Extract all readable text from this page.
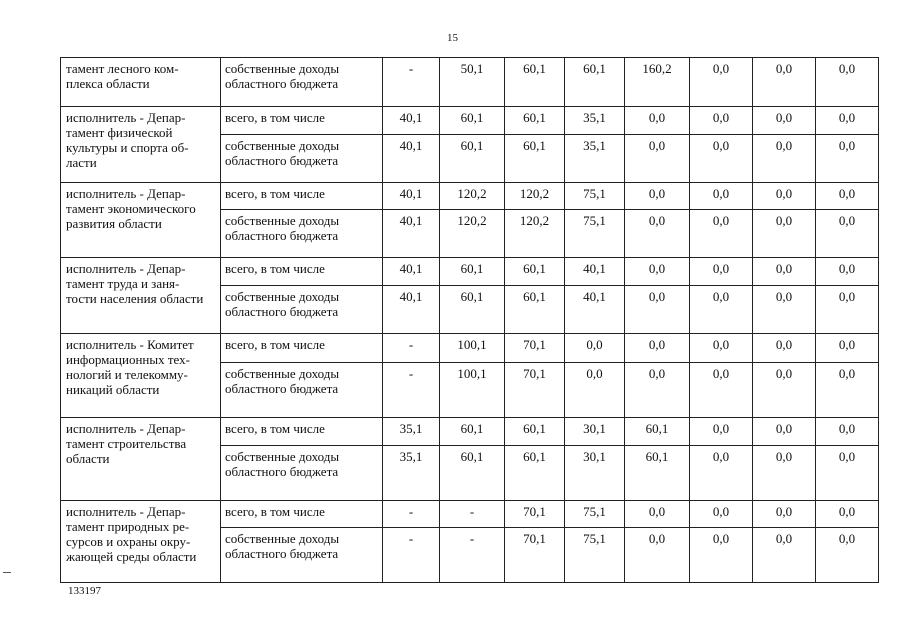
15
тамент лесного ком-
плекса области	собственные доходы
областного бюджета	-	50,1	60,1	60,1	160,2	0,0	0,0	0,0
исполнитель - Депар-
тамент физической
культуры и спорта об-
ласти	всего, в том числе	40,1	60,1	60,1	35,1	0,0	0,0	0,0	0,0
	собственные доходы
областного бюджета	40,1	60,1	60,1	35,1	0,0	0,0	0,0	0,0
исполнитель - Депар-
тамент экономического
развития области	всего, в том числе	40,1	120,2	120,2	75,1	0,0	0,0	0,0	0,0
	собственные доходы
областного бюджета	40,1	120,2	120,2	75,1	0,0	0,0	0,0	0,0
исполнитель - Депар-
тамент труда и заня-
тости населения области	всего, в том числе	40,1	60,1	60,1	40,1	0,0	0,0	0,0	0,0
	собственные доходы
областного бюджета	40,1	60,1	60,1	40,1	0,0	0,0	0,0	0,0
исполнитель - Комитет
информационных тех-
нологий и телекомму-
никаций области	всего, в том числе	-	100,1	70,1	0,0	0,0	0,0	0,0	0,0
	собственные доходы
областного бюджета	-	100,1	70,1	0,0	0,0	0,0	0,0	0,0
исполнитель - Депар-
тамент строительства
области	всего, в том числе	35,1	60,1	60,1	30,1	60,1	0,0	0,0	0,0
	собственные доходы
областного бюджета	35,1	60,1	60,1	30,1	60,1	0,0	0,0	0,0
исполнитель - Депар-
тамент природных ре-
сурсов и охраны окру-
жающей среды области	всего, в том числе	-	-	70,1	75,1	0,0	0,0	0,0	0,0
	собственные доходы
областного бюджета	-	-	70,1	75,1	0,0	0,0	0,0	0,0
133197
